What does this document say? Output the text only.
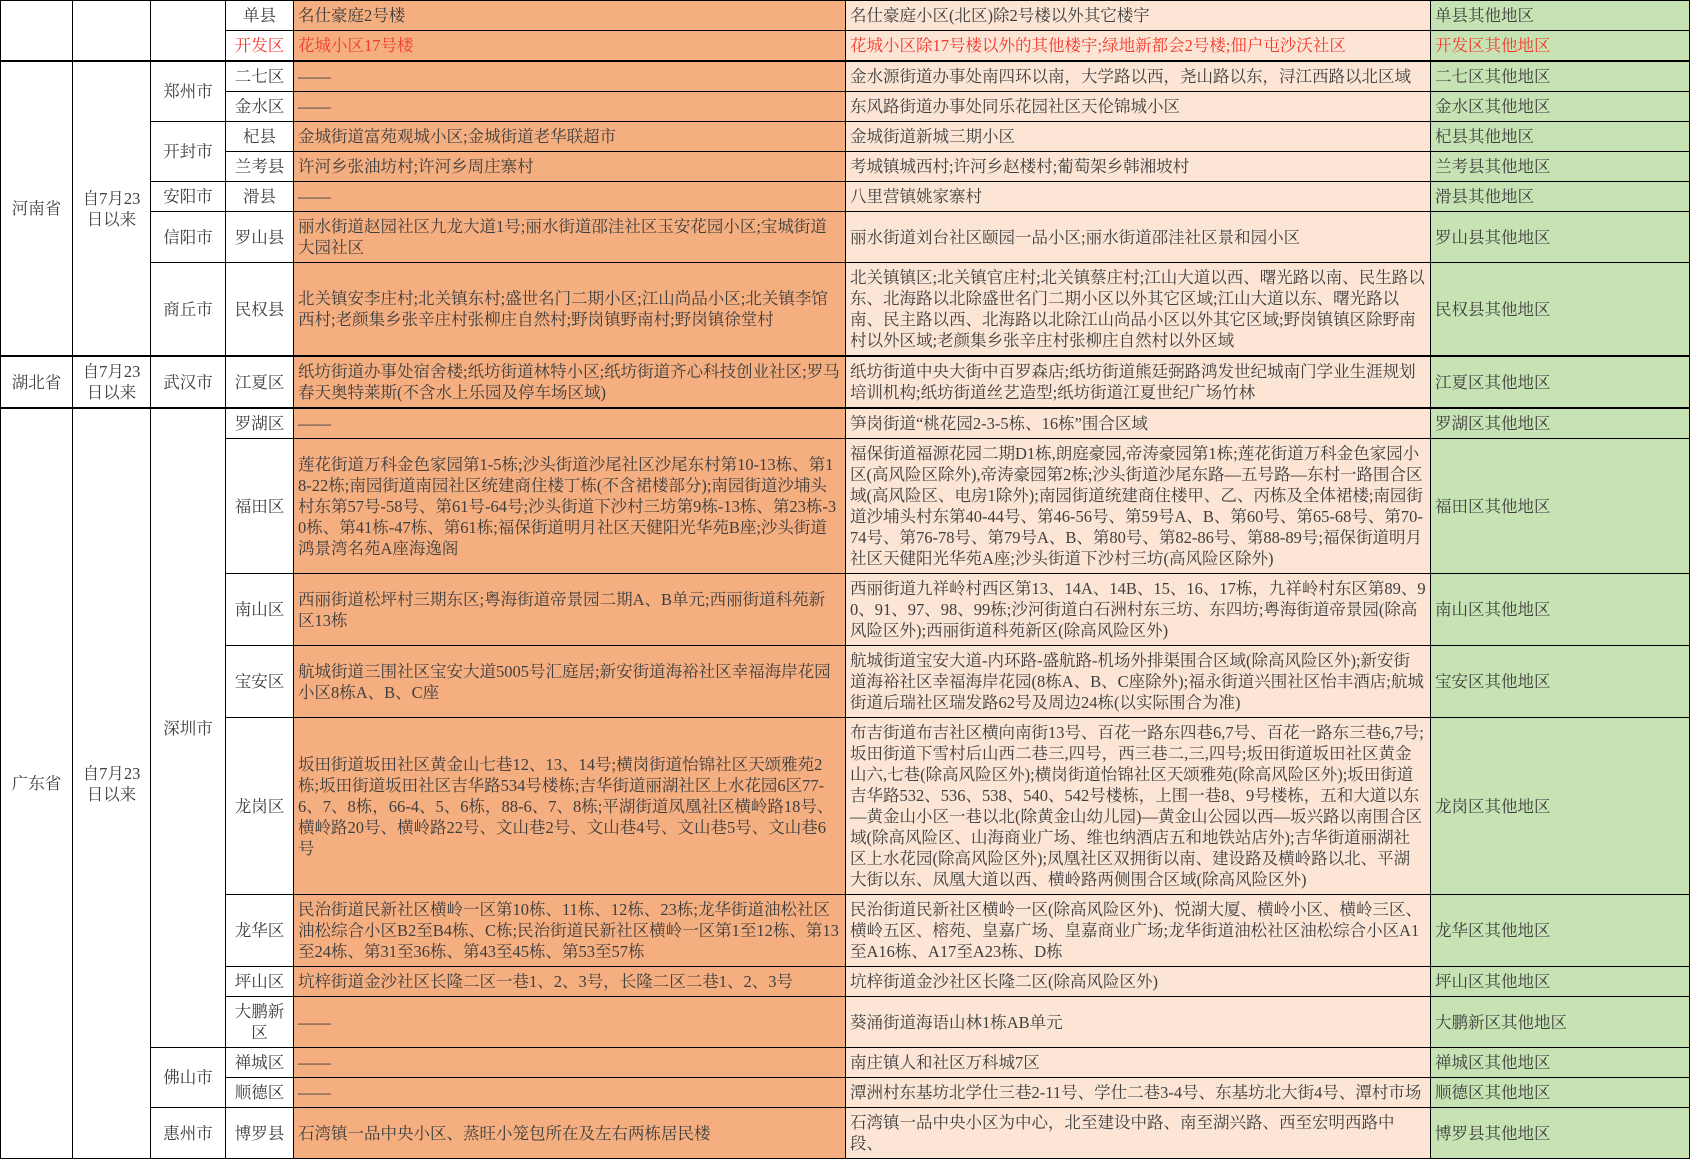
			单县	名仕豪庭2号楼	名仕豪庭小区(北区)除2号楼以外其它楼宇	单县其他地区
			开发区	花城小区17号楼	花城小区除17号楼以外的其他楼宇;绿地新都会2号楼;佃户屯沙沃社区	开发区其他地区
河南省	自7月23日以来	郑州市	二七区	——	金水源街道办事处南四环以南，大学路以西，尧山路以东，浔江西路以北区域	二七区其他地区
			金水区	——	东风路街道办事处同乐花园社区天伦锦城小区	金水区其他地区
		开封市	杞县	金城街道富苑观城小区;金城街道老华联超市	金城街道新城三期小区	杞县其他地区
			兰考县	许河乡张油坊村;许河乡周庄寨村	考城镇城西村;许河乡赵楼村;葡萄架乡韩湘坡村	兰考县其他地区
		安阳市	滑县	——	八里营镇姚家寨村	滑县其他地区
		信阳市	罗山县	丽水街道赵园社区九龙大道1号;丽水街道邵洼社区玉安花园小区;宝城街道大园社区	丽水街道刘台社区颐园一品小区;丽水街道邵洼社区景和园小区	罗山县其他地区
		商丘市	民权县	北关镇安李庄村;北关镇东村;盛世名门二期小区;江山尚品小区;北关镇李馆西村;老颜集乡张辛庄村张柳庄自然村;野岗镇野南村;野岗镇徐堂村	北关镇镇区;北关镇官庄村;北关镇蔡庄村;江山大道以西、曙光路以南、民生路以东、北海路以北除盛世名门二期小区以外其它区域;江山大道以东、曙光路以南、民主路以西、北海路以北除江山尚品小区以外其它区域;野岗镇镇区除野南村以外区域;老颜集乡张辛庄村张柳庄自然村以外区域	民权县其他地区
湖北省	自7月23日以来	武汉市	江夏区	纸坊街道办事处宿舍楼;纸坊街道林特小区;纸坊街道齐心科技创业社区;罗马春天奥特莱斯(不含水上乐园及停车场区域)	纸坊街道中央大街中百罗森店;纸坊街道熊廷弼路鸿发世纪城南门学业生涯规划培训机构;纸坊街道丝艺造型;纸坊街道江夏世纪广场竹林	江夏区其他地区
广东省	自7月23日以来	深圳市	罗湖区	——	笋岗街道“桃花园2-3-5栋、16栋”围合区域	罗湖区其他地区
			福田区	莲花街道万科金色家园第1-5栋;沙头街道沙尾社区沙尾东村第10-13栋、第18-22栋;南园街道南园社区统建商住楼丁栋(不含裙楼部分);南园街道沙埔头村东第57号-58号、第61号-64号;沙头街道下沙村三坊第9栋-13栋、第23栋-30栋、第41栋-47栋、第61栋;福保街道明月社区天健阳光华苑B座;沙头街道鸿景湾名苑A座海逸阁	福保街道福源花园二期D1栋,朗庭豪园,帝涛豪园第1栋;莲花街道万科金色家园小区(高风险区除外),帝涛豪园第2栋;沙头街道沙尾东路—五号路—东村一路围合区域(高风险区、电房1除外);南园街道统建商住楼甲、乙、丙栋及全体裙楼;南园街道沙埔头村东第40-44号、第46-56号、第59号A、B、第60号、第65-68号、第70-74号、第76-78号、第79号A、B、第80号、第82-86号、第88-89号;福保街道明月社区天健阳光华苑A座;沙头街道下沙村三坊(高风险区除外)	福田区其他地区
			南山区	西丽街道松坪村三期东区;粤海街道帝景园二期A、B单元;西丽街道科苑新区13栋	西丽街道九祥岭村西区第13、14A、14B、15、16、17栋，九祥岭村东区第89、90、91、97、98、99栋;沙河街道白石洲村东三坊、东四坊;粤海街道帝景园(除高风险区外);西丽街道科苑新区(除高风险区外)	南山区其他地区
			宝安区	航城街道三围社区宝安大道5005号汇庭居;新安街道海裕社区幸福海岸花园小区8栋A、B、C座	航城街道宝安大道-内环路-盛航路-机场外排渠围合区域(除高风险区外);新安街道海裕社区幸福海岸花园(8栋A、B、C座除外);福永街道兴围社区怡丰酒店;航城街道后瑞社区瑞发路62号及周边24栋(以实际围合为准)	宝安区其他地区
			龙岗区	坂田街道坂田社区黄金山七巷12、13、14号;横岗街道怡锦社区天颂雅苑2栋;坂田街道坂田社区吉华路534号楼栋;吉华街道丽湖社区上水花园6区77-6、7、8栋，66-4、5、6栋，88-6、7、8栋;平湖街道凤凰社区横岭路18号、横岭路20号、横岭路22号、文山巷2号、文山巷4号、文山巷5号、文山巷6号	布吉街道布吉社区横向南街13号、百花一路东四巷6,7号、百花一路东三巷6,7号;坂田街道下雪村后山西二巷三,四号，西三巷二,三,四号;坂田街道坂田社区黄金山六,七巷(除高风险区外);横岗街道怡锦社区天颂雅苑(除高风险区外);坂田街道吉华路532、536、538、540、542号楼栋，上围一巷8、9号楼栋，五和大道以东—黄金山小区一巷以北(除黄金山幼儿园)—黄金山公园以西—坂兴路以南围合区域(除高风险区、山海商业广场、维也纳酒店五和地铁站店外);吉华街道丽湖社区上水花园(除高风险区外);凤凰社区双拥街以南、建设路及横岭路以北、平湖大街以东、凤凰大道以西、横岭路两侧围合区域(除高风险区外)	龙岗区其他地区
			龙华区	民治街道民新社区横岭一区第10栋、11栋、12栋、23栋;龙华街道油松社区油松综合小区B2至B4栋、C栋;民治街道民新社区横岭一区第1至12栋、第13至24栋、第31至36栋、第43至45栋、第53至57栋	民治街道民新社区横岭一区(除高风险区外)、悦湖大厦、横岭小区、横岭三区、横岭五区、榕苑、皇嘉广场、皇嘉商业广场;龙华街道油松社区油松综合小区A1至A16栋、A17至A23栋、D栋	龙华区其他地区
			坪山区	坑梓街道金沙社区长隆二区一巷1、2、3号，长隆二区二巷1、2、3号	坑梓街道金沙社区长隆二区(除高风险区外)	坪山区其他地区
			大鹏新区	——	葵涌街道海语山林1栋AB单元	大鹏新区其他地区
		佛山市	禅城区	——	南庄镇人和社区万科城7区	禅城区其他地区
			顺德区	——	潭洲村东基坊北学仕三巷2-11号、学仕二巷3-4号、东基坊北大街4号、潭村市场	顺德区其他地区
		惠州市	博罗县	石湾镇一品中央小区、蒸旺小笼包所在及左右两栋居民楼	石湾镇一品中央小区为中心，北至建设中路、南至湖兴路、西至宏明西路中段、	博罗县其他地区
